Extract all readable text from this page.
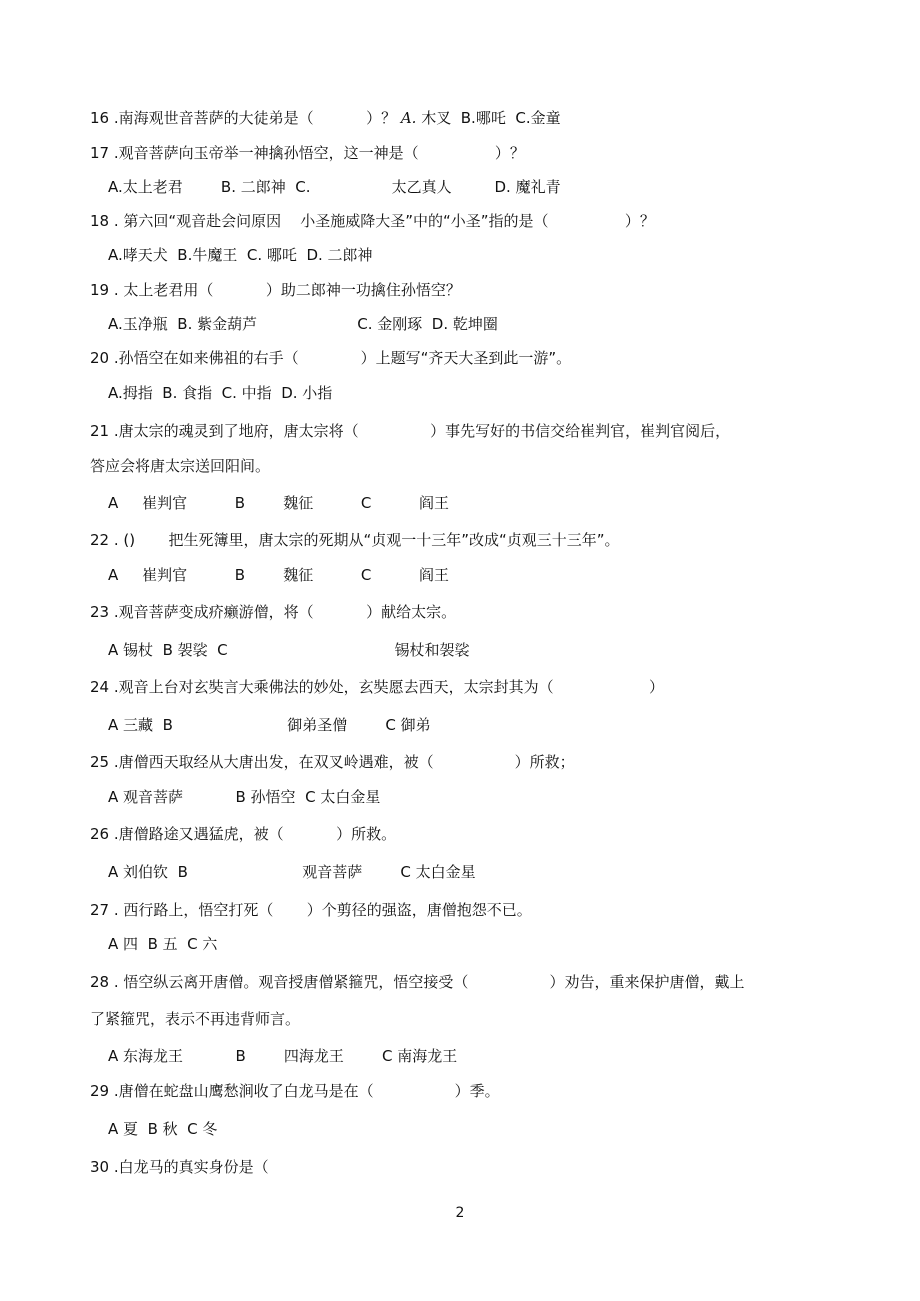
16 .南海观世音菩萨的大徒弟是（           ）？ A. 木叉  B.哪吒  C.金童
17 .观音菩萨向玉帝举一神擒孙悟空，这一神是（                ）？
A.太上老君        B. 二郎神  C.                 太乙真人         D. 魔礼青
18 . 第六回“观音赴会问原因    小圣施威降大圣”中的“小圣”指的是（                ）？
A.哮天犬  B.牛魔王  C. 哪吒  D. 二郎神
19 . 太上老君用（           ）助二郎神一功擒住孙悟空？
A.玉净瓶  B. 紫金葫芦                     C. 金刚琢  D. 乾坤圈
20 .孙悟空在如来佛祖的右手（             ）上题写“齐天大圣到此一游”。
A.拇指  B. 食指  C. 中指  D. 小指
21 .唐太宗的魂灵到了地府，唐太宗将（               ）事先写好的书信交给崔判官，崔判官阅后，
答应会将唐太宗送回阳间。
A     崔判官          B        魏征          C          阎王
22 . ()       把生死簿里，唐太宗的死期从“贞观一十三年”改成“贞观三十三年”。
A     崔判官          B        魏征          C          阎王
23 .观音菩萨变成疥癞游僧，将（           ）献给太宗。
A 锡杖  B 袈裟  C                                   锡杖和袈裟
24 .观音上台对玄奘言大乘佛法的妙处，玄奘愿去西天，太宗封其为（                    ）
A 三藏  B                        御弟圣僧        C 御弟
25 .唐僧西天取经从大唐出发，在双叉岭遇难，被（                 ）所救；
A 观音菩萨           B 孙悟空  C 太白金星
26 .唐僧路途又遇猛虎，被（           ）所救。
A 刘伯钦  B                        观音菩萨        C 太白金星
27 . 西行路上，悟空打死（       ）个剪径的强盗，唐僧抱怨不已。
A 四  B 五  C 六
28 . 悟空纵云离开唐僧。观音授唐僧紧箍咒，悟空接受（                 ）劝告，重来保护唐僧，戴上
了紧箍咒，表示不再违背师言。
A 东海龙王           B        四海龙王        C 南海龙王
29 .唐僧在蛇盘山鹰愁涧收了白龙马是在（                 ）季。
A 夏  B 秋  C 冬
30 .白龙马的真实身份是（
2
